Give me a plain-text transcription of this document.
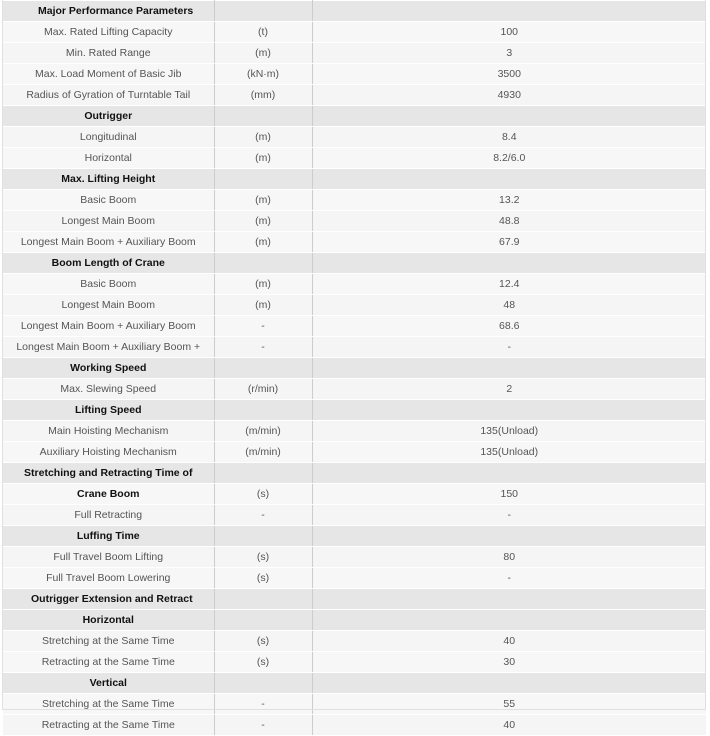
Major Performance Parameters		
Max. Rated Lifting Capacity	(t)	100
Min. Rated Range	(m)	3
Max. Load Moment of Basic Jib	(kN·m)	3500
Radius of Gyration of Turntable Tail	(mm)	4930
Outrigger		
Longitudinal	(m)	8.4
Horizontal	(m)	8.2/6.0
Max. Lifting Height		
Basic Boom	(m)	13.2
Longest Main Boom	(m)	48.8
Longest Main Boom + Auxiliary Boom	(m)	67.9
Boom Length of Crane		
Basic Boom	(m)	12.4
Longest Main Boom	(m)	48
Longest Main Boom + Auxiliary Boom	-	68.6
Longest Main Boom + Auxiliary Boom +	-	-
Working Speed		
Max. Slewing Speed	(r/min)	2
Lifting Speed		
Main Hoisting Mechanism	(m/min)	135(Unload)
Auxiliary Hoisting Mechanism	(m/min)	135(Unload)
Stretching and Retracting Time of		
Crane Boom	(s)	150
Full Retracting	-	-
Luffing Time		
Full Travel Boom Lifting	(s)	80
Full Travel Boom Lowering	(s)	-
Outrigger Extension and Retract		
Horizontal		
Stretching at the Same Time	(s)	40
Retracting at the Same Time	(s)	30
Vertical		
Stretching at the Same Time	-	55
Retracting at the Same Time	-	40
